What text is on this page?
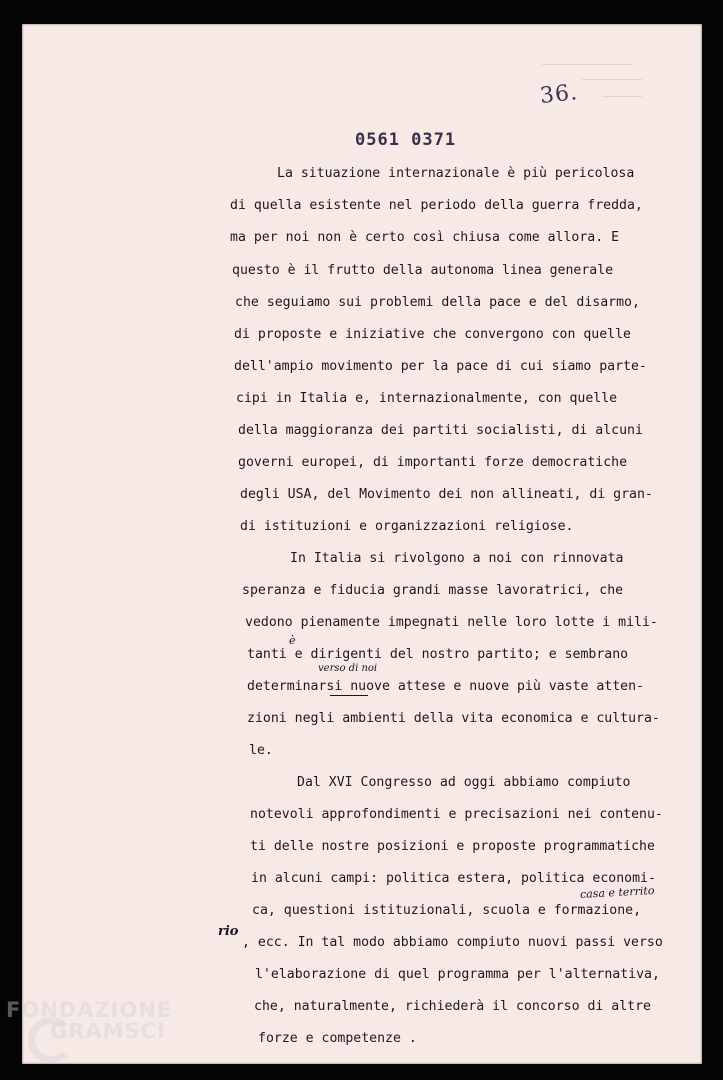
36.
0561 0371
La situazione internazionale è più pericolosa
di quella esistente nel periodo della guerra fredda,
ma per noi non è certo così chiusa come allora. E
questo è il frutto della autonoma linea generale
che seguiamo sui problemi della pace e del disarmo,
di proposte e iniziative che convergono con quelle
dell'ampio movimento per la pace di cui siamo parte-
cipi in Italia e, internazionalmente, con quelle
della maggioranza dei partiti socialisti, di alcuni
governi europei, di importanti forze democratiche
degli USA, del Movimento dei non allineati, di gran-
di istituzioni e organizzazioni religiose.
In Italia si rivolgono a noi con rinnovata
speranza e fiducia grandi masse lavoratrici, che
vedono pienamente impegnati nelle loro lotte i mili-
tanti e dirigenti del nostro partito; e sembrano
determinarsi nuove attese e nuove più vaste atten-
zioni negli ambienti della vita economica e cultura-
le.
Dal XVI Congresso ad oggi abbiamo compiuto
notevoli approfondimenti e precisazioni nei contenu-
ti delle nostre posizioni e proposte programmatiche
in alcuni campi: politica estera, politica economi-
ca, questioni istituzionali, scuola e formazione,
, ecc. In tal modo abbiamo compiuto nuovi passi verso
l'elaborazione di quel programma per l'alternativa,
che, naturalmente, richiederà il concorso di altre
forze e competenze .
è
verso di noi
casa e territo
rio
FONDAZIONE
GRAMSCI
